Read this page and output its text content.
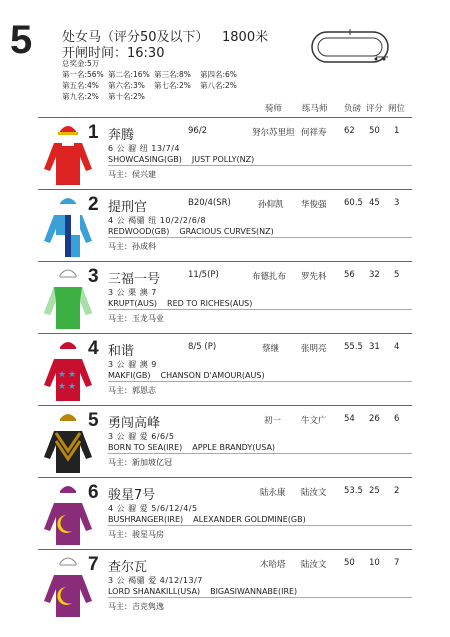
5 处女马（评分50及以下） 1800米
开闸时间：16:30
总奖金:5万
第一名:56% 第二名:16% 第三名:8% 第四名:6%第五名:4% 第六名:3% 第七名:2% 第八名:2%第九名:2% 第十名:2%
骑师 练马师 负磅 评分 闸位
1 奔腾	96/2	努尔苏里坦 何祥寿 62 50 1
6 公 骝 纽 13/7/4
SHOWCASING(GB) JUST POLLY(NZ)
马主：侯兴建
2 提刑官	B20/4(SR)	孙仰凯 华俊强 60.5 45 3
4 公 褐骝 纽 10/2/2/6/8
REDWOOD(GB) GRACIOUS CURVES(NZ)
马主：孙成科
3 三福一号	11/5(P)	布德扎布 罗先科 56 32 5
3 公 栗 澳 7
KRUPT(AUS) RED TO RICHES(AUS)
马主：玉龙马业
★ ★
★ ★
4 和谐	8/5 (P)	蔡继	张明亮 55.5 31 4
3 公 骝 澳 9
MAKFI(GB) CHANSON D'AMOUR(AUS)
马主：郭恩志
5 勇闯高峰	初一 牛文广 54 26 6
3 公 骝 爱 6/6/5
BORN TO SEA(IRE) APPLE BRANDY(USA)
马主：新加坡亿冠
6 骏星7号	陆永康 陆汝文 53.5 25 2
4 公 骝 爱 5/6/12/4/5
BUSHRANGER(IRE) ALEXANDER GOLDMINE(GB)
马主：骏星马房
7 查尔瓦	木哈塔 陆汝文 50 10 7
3 公 褐骝 爱 4/12/13/7
LORD SHANAKILL(USA) BIGASIWANNABE(IRE)
马主：吉克隽逸
